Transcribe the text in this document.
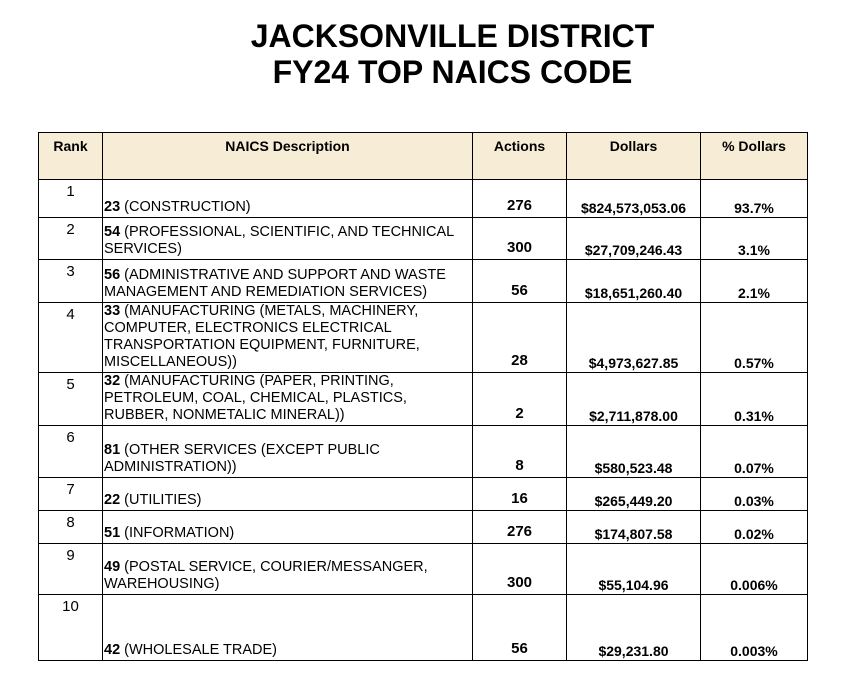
JACKSONVILLE DISTRICT
FY24 TOP NAICS CODE
Rank	NAICS Description	Actions	Dollars	% Dollars
1	23 (CONSTRUCTION)	276	$824,573,053.06	93.7%
2	54 (PROFESSIONAL, SCIENTIFIC, AND TECHNICAL SERVICES)	300	$27,709,246.43	3.1%
3	56 (ADMINISTRATIVE AND SUPPORT AND WASTE MANAGEMENT AND REMEDIATION SERVICES)	56	$18,651,260.40	2.1%
4	33 (MANUFACTURING (METALS, MACHINERY, COMPUTER, ELECTRONICS ELECTRICAL TRANSPORTATION EQUIPMENT, FURNITURE, MISCELLANEOUS))	28	$4,973,627.85	0.57%
5	32 (MANUFACTURING (PAPER, PRINTING, PETROLEUM, COAL, CHEMICAL, PLASTICS, RUBBER, NONMETALIC MINERAL))	2	$2,711,878.00	0.31%
6	81 (OTHER SERVICES (EXCEPT PUBLIC ADMINISTRATION))	8	$580,523.48	0.07%
7	22 (UTILITIES)	16	$265,449.20	0.03%
8	51 (INFORMATION)	276	$174,807.58	0.02%
9	49 (POSTAL SERVICE, COURIER/MESSANGER, WAREHOUSING)	300	$55,104.96	0.006%
10	42 (WHOLESALE TRADE)	56	$29,231.80	0.003%
